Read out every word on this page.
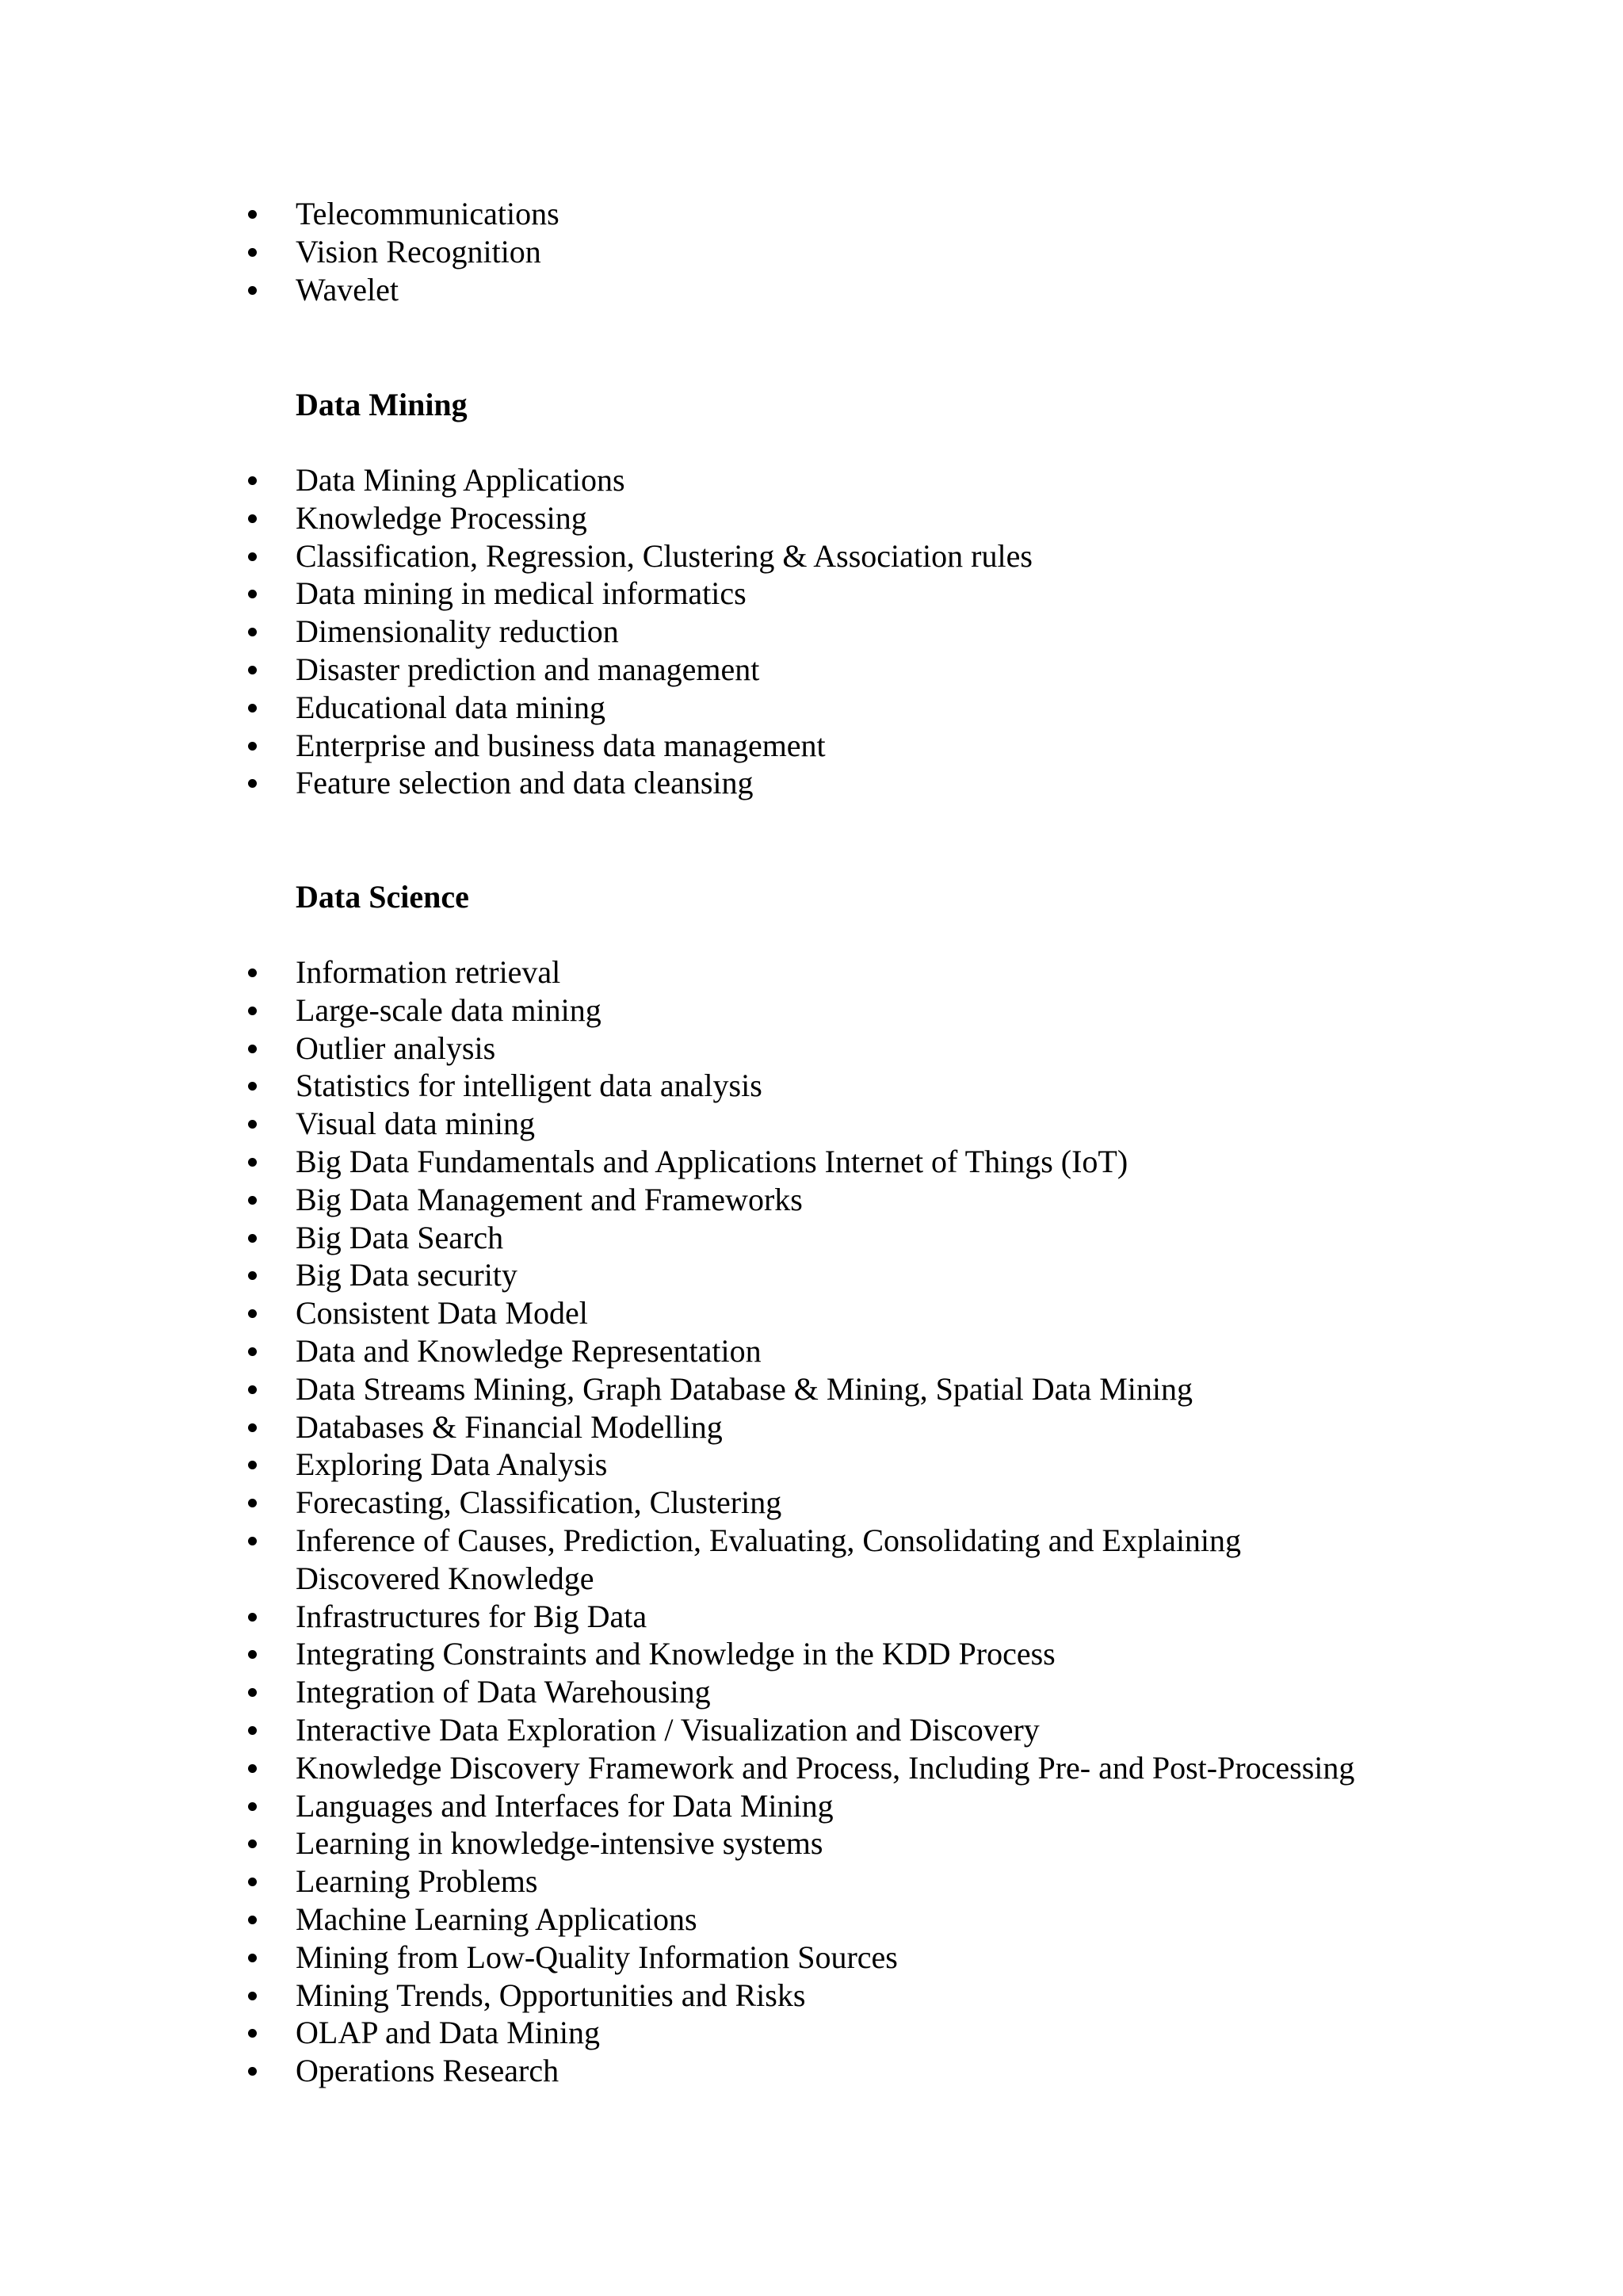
Telecommunications
Vision Recognition
Wavelet
Data Mining
Data Mining Applications
Knowledge Processing
Classification, Regression, Clustering & Association rules
Data mining in medical informatics
Dimensionality reduction
Disaster prediction and management
Educational data mining
Enterprise and business data management
Feature selection and data cleansing
Data Science
Information retrieval
Large-scale data mining
Outlier analysis
Statistics for intelligent data analysis
Visual data mining
Big Data Fundamentals and Applications Internet of Things (IoT)
Big Data Management and Frameworks
Big Data Search
Big Data security
Consistent Data Model
Data and Knowledge Representation
Data Streams Mining, Graph Database & Mining, Spatial Data Mining
Databases & Financial Modelling
Exploring Data Analysis
Forecasting, Classification, Clustering
Inference of Causes, Prediction, Evaluating, Consolidating and Explaining Discovered Knowledge
Infrastructures for Big Data
Integrating Constraints and Knowledge in the KDD Process
Integration of Data Warehousing
Interactive Data Exploration / Visualization and Discovery
Knowledge Discovery Framework and Process, Including Pre- and Post-Processing
Languages and Interfaces for Data Mining
Learning in knowledge-intensive systems
Learning Problems
Machine Learning Applications
Mining from Low-Quality Information Sources
Mining Trends, Opportunities and Risks
OLAP and Data Mining
Operations Research
